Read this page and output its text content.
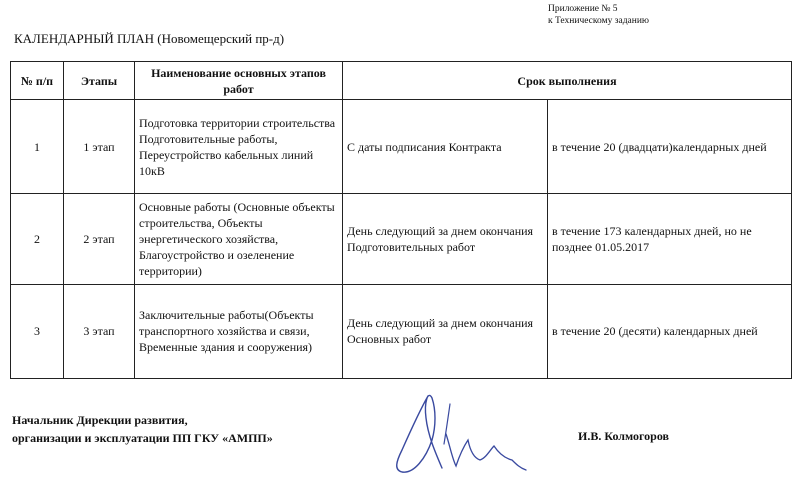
Приложение № 5
к Техническому заданию
КАЛЕНДАРНЫЙ ПЛАН (Новомещерский пр-д)
№ п/п	Этапы	Наименование основных этапов работ	Срок выполнения	
1	1 этап	Подготовка территории строительства Подготовительные работы, Переустройство кабельных линий 10кВ	С даты подписания Контракта	в течение 20 (двадцати)календарных дней
2	2 этап	Основные работы (Основные объекты строительства, Объекты энергетического хозяйства, Благоустройство и озеленение территории)	День следующий за днем окончания Подготовительных работ	в течение 173 календарных дней, но не позднее 01.05.2017
3	3 этап	Заключительные работы(Объекты транспортного хозяйства и связи, Временные здания и сооружения)	День следующий за днем окончания Основных работ	в течение 20 (десяти) календарных дней
Начальник Дирекции развития,
организации и эксплуатации ПП ГКУ «АМПП»	И.В. Колмогоров
